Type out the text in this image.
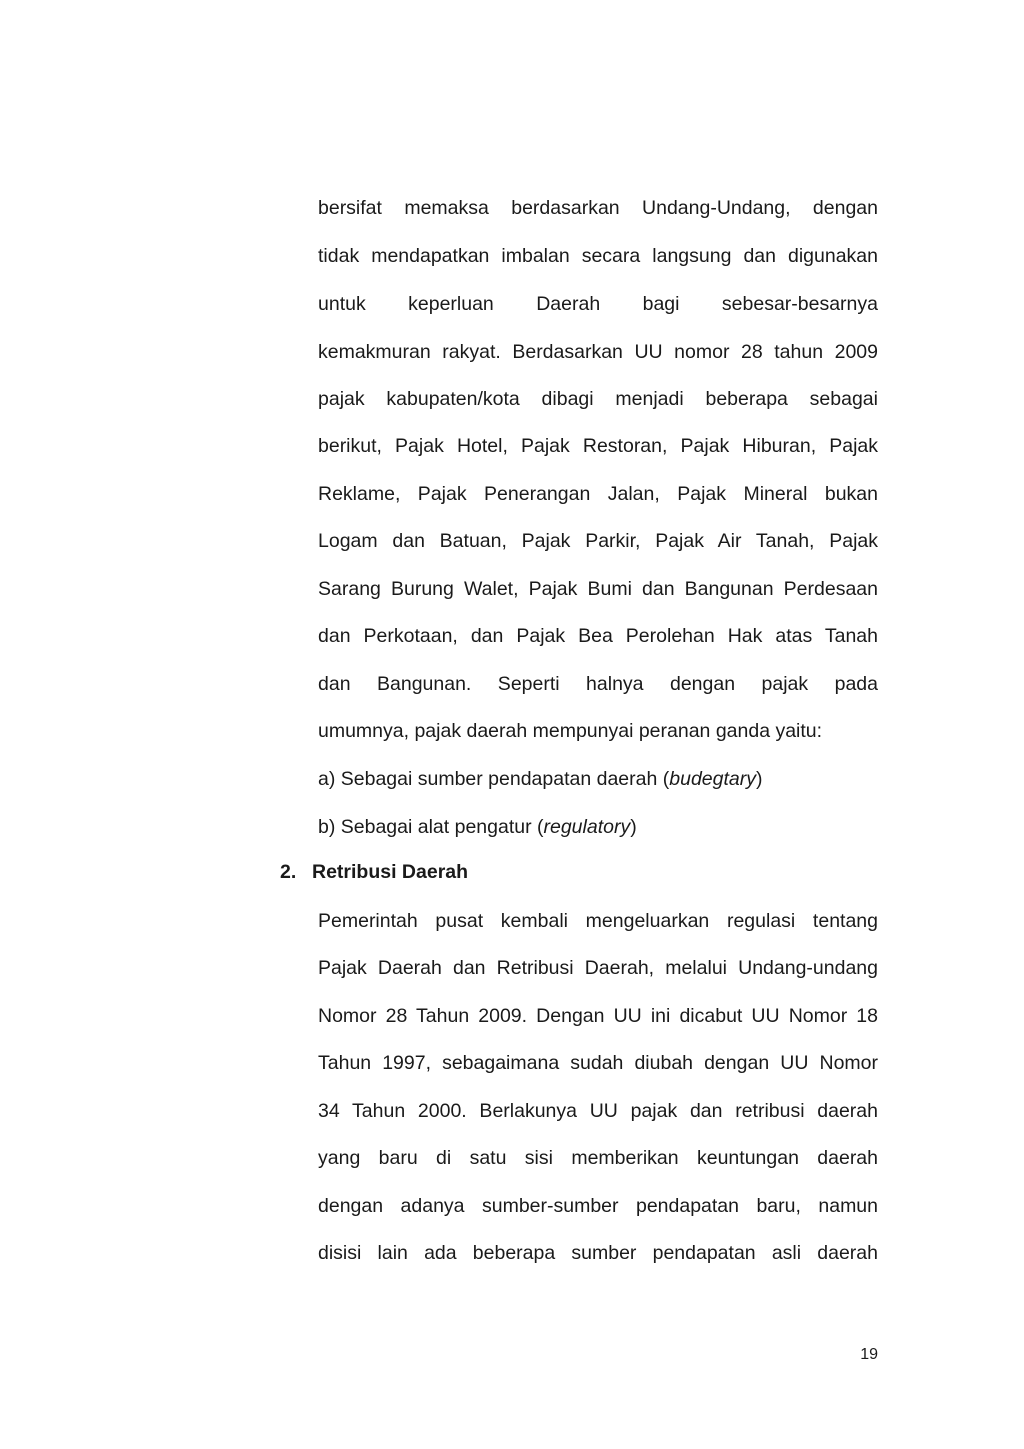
bersifat memaksa berdasarkan Undang-Undang, dengan
tidak mendapatkan imbalan secara langsung dan digunakan
untuk keperluan Daerah bagi sebesar-besarnya
kemakmuran rakyat. Berdasarkan UU nomor 28 tahun 2009
pajak kabupaten/kota dibagi menjadi beberapa sebagai
berikut, Pajak Hotel, Pajak Restoran, Pajak Hiburan, Pajak
Reklame, Pajak Penerangan Jalan, Pajak Mineral bukan
Logam dan Batuan, Pajak Parkir, Pajak Air Tanah, Pajak
Sarang Burung Walet, Pajak Bumi dan Bangunan Perdesaan
dan Perkotaan, dan Pajak Bea Perolehan Hak atas Tanah
dan Bangunan. Seperti halnya dengan pajak pada
umumnya, pajak daerah mempunyai peranan ganda yaitu:
a) Sebagai sumber pendapatan daerah (budegtary)
b) Sebagai alat pengatur (regulatory)
2. Retribusi Daerah
Pemerintah pusat kembali mengeluarkan regulasi tentang
Pajak Daerah dan Retribusi Daerah, melalui Undang-undang
Nomor 28 Tahun 2009. Dengan UU ini dicabut UU Nomor 18
Tahun 1997, sebagaimana sudah diubah dengan UU Nomor
34 Tahun 2000. Berlakunya UU pajak dan retribusi daerah
yang baru di satu sisi memberikan keuntungan daerah
dengan adanya sumber-sumber pendapatan baru, namun
disisi lain ada beberapa sumber pendapatan asli daerah
19
